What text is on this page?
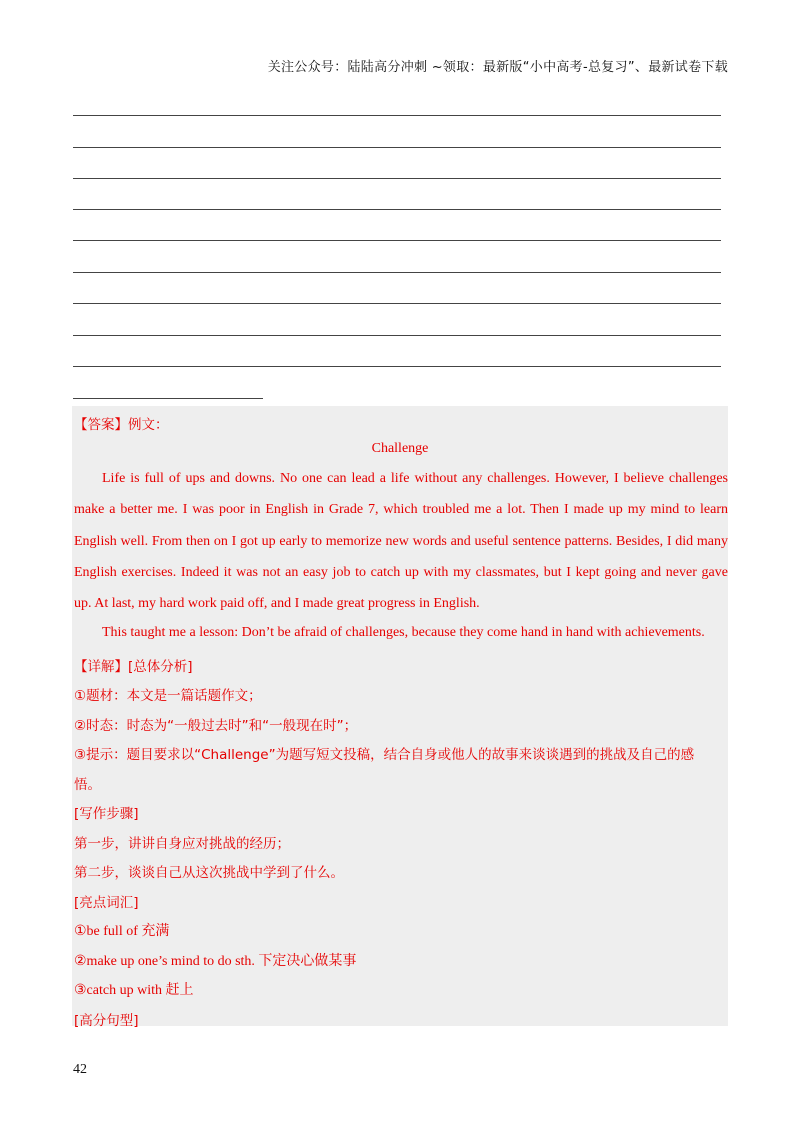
关注公众号：陆陆高分冲刺 ~领取：最新版“小中高考-总复习”、最新试卷下载
【答案】例文：
Challenge
Life is full of ups and downs. No one can lead a life without any challenges. However, I believe challenges
make a better me. I was poor in English in Grade 7, which troubled me a lot. Then I made up my mind to learn
English well. From then on I got up early to memorize new words and useful sentence patterns. Besides, I did many
English exercises. Indeed it was not an easy job to catch up with my classmates, but I kept going and never gave
up. At last, my hard work paid off, and I made great progress in English.
This taught me a lesson: Don’t be afraid of challenges, because they come hand in hand with achievements.
【详解】[总体分析]
①题材：本文是一篇话题作文；
②时态：时态为“一般过去时”和“一般现在时”；
③提示：题目要求以“Challenge”为题写短文投稿，结合自身或他人的故事来谈谈遇到的挑战及自己的感
悟。
[写作步骤]
第一步，讲讲自身应对挑战的经历；
第二步，谈谈自己从这次挑战中学到了什么。
[亮点词汇]
①be full of 充满
②make up one’s mind to do sth. 下定决心做某事
③catch up with 赶上
[高分句型]
42
